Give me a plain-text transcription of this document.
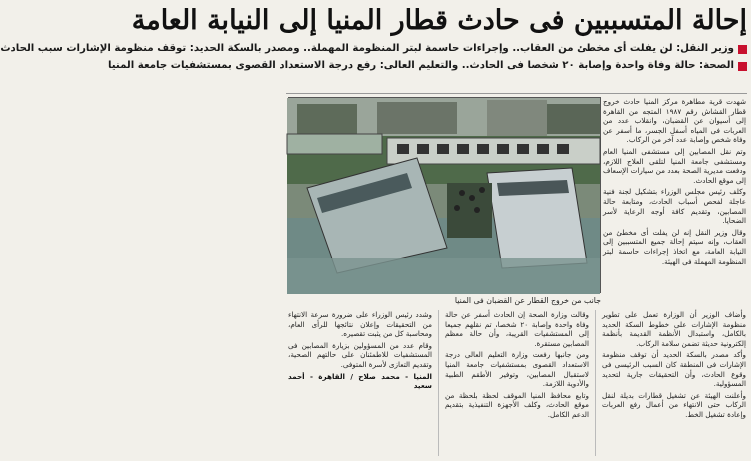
إحالة المتسببين فى حادث قطار المنيا إلى النيابة العامة
وزير النقل: لن يفلت أى مخطئ من العقاب.. وإجراءات حاسمة لبتر المنظومة المهملة.. ومصدر بالسكة الحديد: توقف منظومة الإشارات سبب الحادث
الصحة: حالة وفاة واحدة وإصابة ٢٠ شخصا فى الحادث.. والتعليم العالى: رفع درجة الاستعداد القصوى بمستشفيات جامعة المنيا
جانب من خروج القطار عن القضبان فى المنيا

شهدت قرية مطاهرة مركز المنيا حادث خروج قطار القشاش رقم ١٩٨٧ المتجه من القاهرة إلى أسيوان عن القضبان، وانقلاب عدد من العربات فى المياه أسفل الجسر، ما أسفر عن وفاة شخص وإصابة عدد آخر من الركاب.

وتم نقل المصابين إلى مستشفى المنيا العام ومستشفى جامعة المنيا لتلقى العلاج اللازم، ودفعت مديرية الصحة بعدد من سيارات الإسعاف إلى موقع الحادث.

وكلف رئيس مجلس الوزراء بتشكيل لجنة فنية عاجلة لفحص أسباب الحادث، ومتابعة حالة المصابين، وتقديم كافة أوجه الرعاية لأسر الضحايا.

وقال وزير النقل إنه لن يفلت أى مخطئ من العقاب، وإنه سيتم إحالة جميع المتسببين إلى النيابة العامة، مع اتخاذ إجراءات حاسمة لبتر المنظومة المهملة فى الهيئة.

وأضاف الوزير أن الوزارة تعمل على تطوير منظومة الإشارات على خطوط السكة الحديد بالكامل، واستبدال الأنظمة القديمة بأنظمة إلكترونية حديثة تضمن سلامة الركاب.

وأكد مصدر بالسكة الحديد أن توقف منظومة الإشارات فى المنطقة كان السبب الرئيسى فى وقوع الحادث، وأن التحقيقات جارية لتحديد المسؤولية.

وأعلنت الهيئة عن تشغيل قطارات بديلة لنقل الركاب حتى الانتهاء من أعمال رفع العربات وإعادة تشغيل الخط.

وقالت وزارة الصحة إن الحادث أسفر عن حالة وفاة واحدة وإصابة ٢٠ شخصا، تم نقلهم جميعا إلى المستشفيات القريبة، وأن حالة معظم المصابين مستقرة.

ومن جانبها رفعت وزارة التعليم العالى درجة الاستعداد القصوى بمستشفيات جامعة المنيا لاستقبال المصابين، وتوفير الأطقم الطبية والأدوية اللازمة.

وتابع محافظ المنيا الموقف لحظة بلحظة من موقع الحادث، وكلف الأجهزة التنفيذية بتقديم الدعم الكامل.

وشدد رئيس الوزراء على ضرورة سرعة الانتهاء من التحقيقات وإعلان نتائجها للرأى العام، ومحاسبة كل من يثبت تقصيره.

وقام عدد من المسؤولين بزيارة المصابين فى المستشفيات للاطمئنان على حالتهم الصحية، وتقديم التعازى لأسرة المتوفى.

المنيا - محمد صلاح / القاهرة - أحمد سعيد
